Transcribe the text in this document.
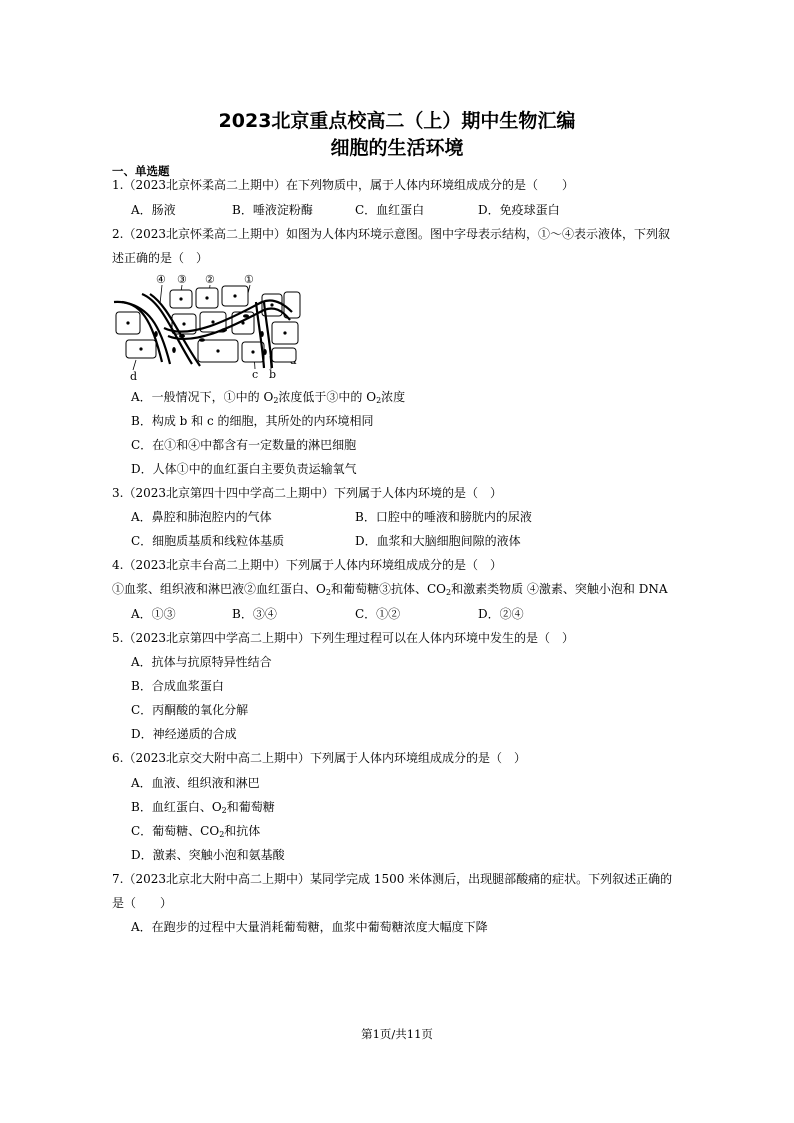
2023北京重点校高二（上）期中生物汇编
细胞的生活环境
一、单选题
1.（2023北京怀柔高二上期中）在下列物质中，属于人体内环境组成成分的是（　　）
A．肠液	B．唾液淀粉酶	C．血红蛋白	D．免疫球蛋白
2.（2023北京怀柔高二上期中）如图为人体内环境示意图。图中字母表示结构，①～④表示液体，下列叙
述正确的是（　）
④ ③ ②	①
d	c b
A．一般情况下，①中的 $O_2$浓度低于③中的 $O_2$浓度
B．构成 b 和 c 的细胞，其所处的内环境相同
C．在①和④中都含有一定数量的淋巴细胞
D．人体①中的血红蛋白主要负责运输氧气
3.（2023北京第四十四中学高二上期中）下列属于人体内环境的是（　）
A．鼻腔和肺泡腔内的气体	B．口腔中的唾液和膀胱内的尿液
C．细胞质基质和线粒体基质	D．血浆和大脑细胞间隙的液体
4.（2023北京丰台高二上期中）下列属于人体内环境组成成分的是（　）
①血浆、组织液和淋巴液②血红蛋白、$O_2$和葡萄糖③抗体、$CO_2$和激素类物质 ④激素、突触小泡和 DNA
A．①③	B．③④	C．①②	D．②④
5.（2023北京第四中学高二上期中）下列生理过程可以在人体内环境中发生的是（　）
A．抗体与抗原特异性结合
B．合成血浆蛋白
C．丙酮酸的氧化分解
D．神经递质的合成
6.（2023北京交大附中高二上期中）下列属于人体内环境组成成分的是（　）
A．血液、组织液和淋巴
B．血红蛋白、$O_2$和葡萄糖
C．葡萄糖、$CO_2$和抗体
D．激素、突触小泡和氨基酸
7.（2023北京北大附中高二上期中）某同学完成 1500 米体测后，出现腿部酸痛的症状。下列叙述正确的
是（　　）
A．在跑步的过程中大量消耗葡萄糖，血浆中葡萄糖浓度大幅度下降
第1页/共11页
